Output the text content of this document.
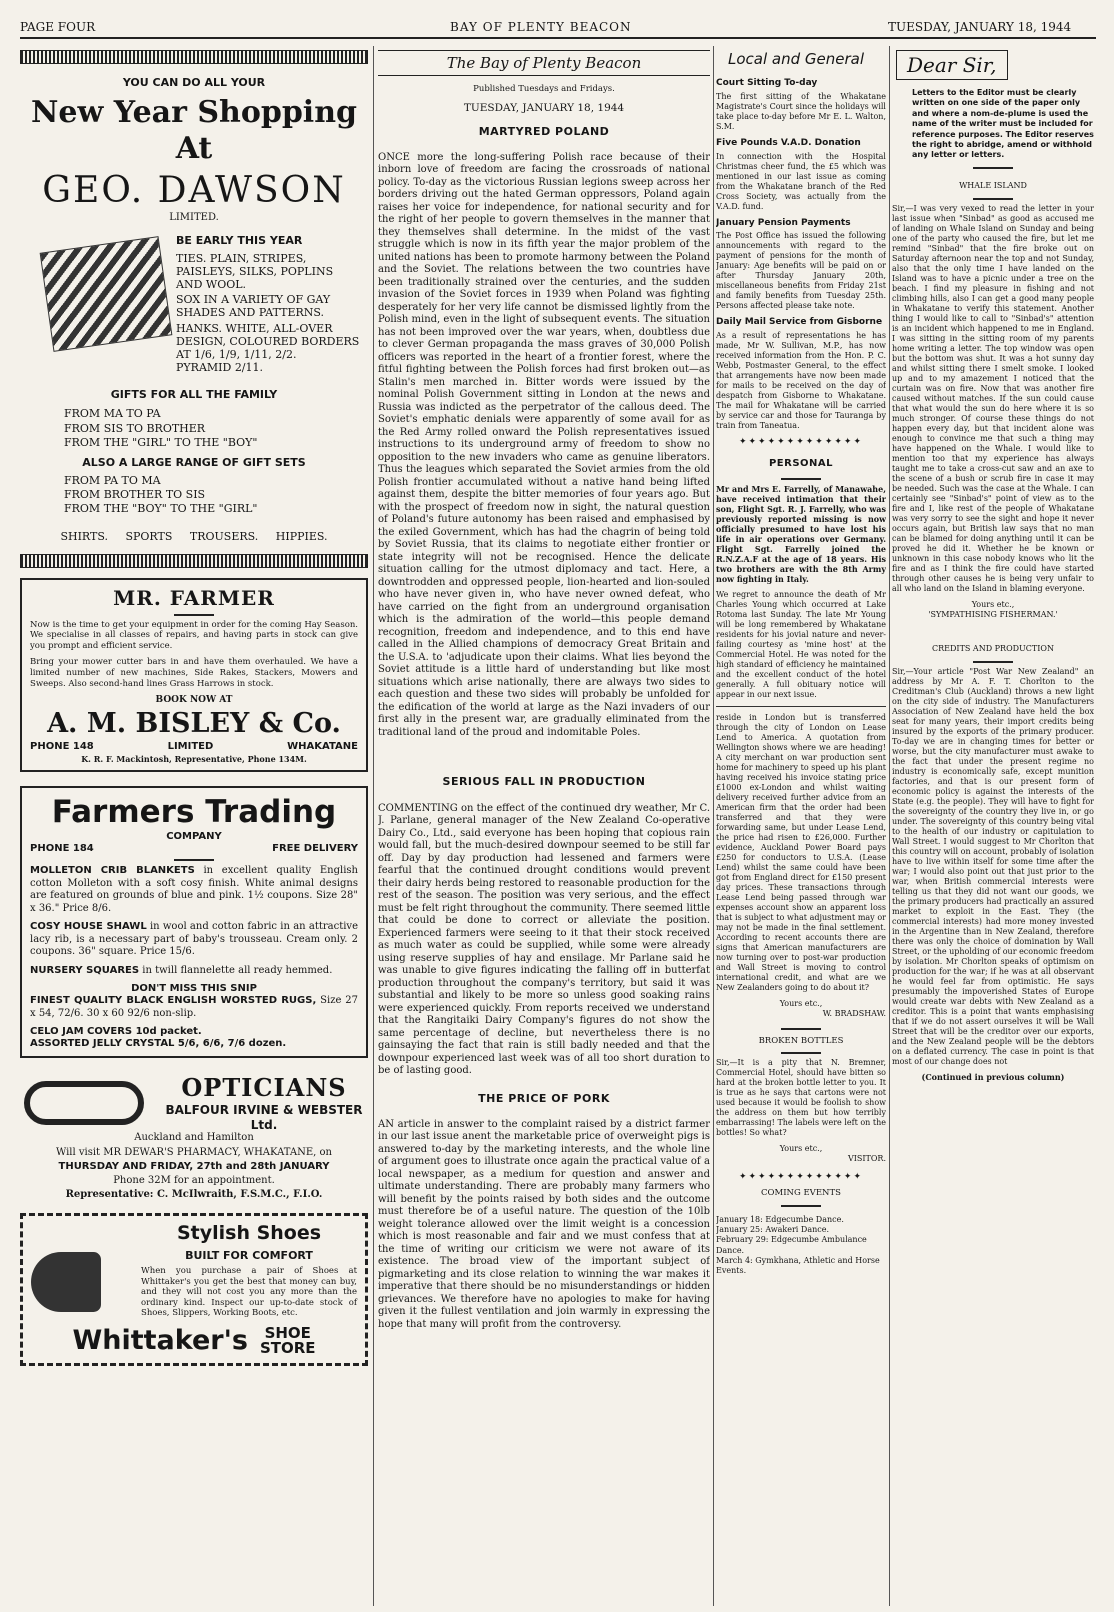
PAGE FOUR	BAY OF PLENTY BEACON	TUESDAY, JANUARY 18, 1944
YOU CAN DO ALL YOUR
New Year Shopping At
GEO. DAWSON
LIMITED.
BE EARLY THIS YEAR
TIES. PLAIN, STRIPES, PAISLEYS, SILKS, POPLINS AND WOOL.
SOX IN A VARIETY OF GAY SHADES AND PATTERNS.
HANKS. WHITE, ALL-OVER DESIGN, COLOURED BORDERS AT 1/6, 1/9, 1/11, 2/2.
PYRAMID 2/11.
GIFTS FOR ALL THE FAMILY
FROM MA TO PA
FROM SIS TO BROTHER
FROM THE "GIRL" TO THE "BOY"
ALSO A LARGE RANGE OF GIFT SETS
FROM PA TO MA
FROM BROTHER TO SIS
FROM THE "BOY" TO THE "GIRL"
SHIRTS. SPORTS TROUSERS. HIPPIES.
MR. FARMER
Now is the time to get your equipment in order for the coming Hay Season. We specialise in all classes of repairs, and having parts in stock can give you prompt and efficient service.
Bring your mower cutter bars in and have them overhauled. We have a limited number of new machines, Side Rakes, Stackers, Mowers and Sweeps. Also second-hand lines Grass Harrows in stock.
BOOK NOW AT
A. M. BISLEY & Co.
PHONE 148	LIMITED	WHAKATANE
K. R. F. Mackintosh, Representative, Phone 134M.
Farmers Trading
COMPANY
PHONE 184	FREE DELIVERY
MOLLETON CRIB BLANKETS in excellent quality English cotton Molleton with a soft cosy finish. White animal designs are featured on grounds of blue and pink. 1½ coupons. Size 28" x 36." Price 8/6.
COSY HOUSE SHAWL in wool and cotton fabric in an attractive lacy rib, is a necessary part of baby's trousseau. Cream only. 2 coupons. 36" square. Price 15/6.
NURSERY SQUARES in twill flannelette all ready hemmed.
DON'T MISS THIS SNIP
FINEST QUALITY BLACK ENGLISH WORSTED RUGS, Size 27 x 54, 72/6. 30 x 60 92/6 non-slip.
CELO JAM COVERS 10d packet.
ASSORTED JELLY CRYSTAL 5/6, 6/6, 7/6 dozen.
OPTICIANS
BALFOUR IRVINE & WEBSTER Ltd.
Auckland and Hamilton
Will visit MR DEWAR'S PHARMACY, WHAKATANE, on
THURSDAY AND FRIDAY, 27th and 28th JANUARY
Phone 32M for an appointment.
Representative: C. McIlwraith, F.S.M.C., F.I.O.
Stylish Shoes
BUILT FOR COMFORT
When you purchase a pair of Shoes at Whittaker's you get the best that money can buy, and they will not cost you any more than the ordinary kind. Inspect our up-to-date stock of Shoes, Slippers, Working Boots, etc.
Whittaker's	SHOE
STORE
The Bay of Plenty Beacon
Published Tuesdays and Fridays.
TUESDAY, JANUARY 18, 1944
MARTYRED POLAND
ONCE more the long-suffering Polish race because of their inborn love of freedom are facing the crossroads of national policy. To-day as the victorious Russian legions sweep across her borders driving out the hated German oppressors, Poland again raises her voice for independence, for national security and for the right of her people to govern themselves in the manner that they themselves shall determine. In the midst of the vast struggle which is now in its fifth year the major problem of the united nations has been to promote harmony between the Poland and the Soviet. The relations between the two countries have been traditionally strained over the centuries, and the sudden invasion of the Soviet forces in 1939 when Poland was fighting desperately for her very life cannot be dismissed lightly from the Polish mind, even in the light of subsequent events. The situation has not been improved over the war years, when, doubtless due to clever German propaganda the mass graves of 30,000 Polish officers was reported in the heart of a frontier forest, where the fitful fighting between the Polish forces had first broken out—as Stalin's men marched in. Bitter words were issued by the nominal Polish Government sitting in London at the news and Russia was indicted as the perpetrator of the callous deed. The Soviet's emphatic denials were apparently of some avail for as the Red Army rolled onward the Polish representatives issued instructions to its underground army of freedom to show no opposition to the new invaders who came as genuine liberators. Thus the leagues which separated the Soviet armies from the old Polish frontier accumulated without a native hand being lifted against them, despite the bitter memories of four years ago. But with the prospect of freedom now in sight, the natural question of Poland's future autonomy has been raised and emphasised by the exiled Government, which has had the chagrin of being told by Soviet Russia, that its claims to negotiate either frontier or state integrity will not be recognised. Hence the delicate situation calling for the utmost diplomacy and tact. Here, a downtrodden and oppressed people, lion-hearted and lion-souled who have never given in, who have never owned defeat, who have carried on the fight from an underground organisation which is the admiration of the world—this people demand recognition, freedom and independence, and to this end have called in the Allied champions of democracy Great Britain and the U.S.A. to 'adjudicate upon their claims. What lies beyond the Soviet attitude is a little hard of understanding but like most situations which arise nationally, there are always two sides to each question and these two sides will probably be unfolded for the edification of the world at large as the Nazi invaders of our first ally in the present war, are gradually eliminated from the traditional land of the proud and indomitable Poles.
SERIOUS FALL IN PRODUCTION
COMMENTING on the effect of the continued dry weather, Mr C. J. Parlane, general manager of the New Zealand Co-operative Dairy Co., Ltd., said everyone has been hoping that copious rain would fall, but the much-desired downpour seemed to be still far off. Day by day production had lessened and farmers were fearful that the continued drought conditions would prevent their dairy herds being restored to reasonable production for the rest of the season. The position was very serious, and the effect must be felt right throughout the community. There seemed little that could be done to correct or alleviate the position. Experienced farmers were seeing to it that their stock received as much water as could be supplied, while some were already using reserve supplies of hay and ensilage. Mr Parlane said he was unable to give figures indicating the falling off in butterfat production throughout the company's territory, but said it was substantial and likely to be more so unless good soaking rains were experienced quickly. From reports received we understand that the Rangitaiki Dairy Company's figures do not show the same percentage of decline, but nevertheless there is no gainsaying the fact that rain is still badly needed and that the downpour experienced last week was of all too short duration to be of lasting good.
THE PRICE OF PORK
AN article in answer to the complaint raised by a district farmer in our last issue anent the marketable price of overweight pigs is answered to-day by the marketing interests, and the whole line of argument goes to illustrate once again the practical value of a local newspaper, as a medium for question and answer and ultimate understanding. There are probably many farmers who will benefit by the points raised by both sides and the outcome must therefore be of a useful nature. The question of the 10lb weight tolerance allowed over the limit weight is a concession which is most reasonable and fair and we must confess that at the time of writing our criticism we were not aware of its existence. The broad view of the important subject of pigmarketing and its close relation to winning the war makes it imperative that there should be no misunderstandings or hidden grievances. We therefore have no apologies to make for having given it the fullest ventilation and join warmly in expressing the hope that many will profit from the controversy.
Local and General
Court Sitting To-day
The first sitting of the Whakatane Magistrate's Court since the holidays will take place to-day before Mr E. L. Walton, S.M.
Five Pounds V.A.D. Donation
In connection with the Hospital Christmas cheer fund, the £5 which was mentioned in our last issue as coming from the Whakatane branch of the Red Cross Society, was actually from the V.A.D. fund.
January Pension Payments
The Post Office has issued the following announcements with regard to the payment of pensions for the month of January: Age benefits will be paid on or after Thursday January 20th, miscellaneous benefits from Friday 21st and family benefits from Tuesday 25th. Persons affected please take note.
Daily Mail Service from Gisborne
As a result of representations he has made, Mr W. Sullivan, M.P., has now received information from the Hon. P. C. Webb, Postmaster General, to the effect that arrangements have now been made for mails to be received on the day of despatch from Gisborne to Whakatane. The mail for Whakatane will be carried by service car and those for Tauranga by train from Taneatua.
✦✦✦✦✦✦✦✦✦✦✦✦✦
PERSONAL
Mr and Mrs E. Farrelly, of Manawahe, have received intimation that their son, Flight Sgt. R. J. Farrelly, who was previously reported missing is now officially presumed to have lost his life in air operations over Germany. Flight Sgt. Farrelly joined the R.N.Z.A.F at the age of 18 years. His two brothers are with the 8th Army now fighting in Italy.
We regret to announce the death of Mr Charles Young which occurred at Lake Rotoma last Sunday. The late Mr Young will be long remembered by Whakatane residents for his jovial nature and never-failing courtesy as 'mine host' at the Commercial Hotel. He was noted for the high standard of efficiency he maintained and the excellent conduct of the hotel generally. A full obituary notice will appear in our next issue.
reside in London but is transferred through the city of London on Lease Lend to America. A quotation from Wellington shows where we are heading! A city merchant on war production sent home for machinery to speed up his plant having received his invoice stating price £1000 ex-London and whilst waiting delivery received further advice from an American firm that the order had been transferred and that they were forwarding same, but under Lease Lend, the price had risen to £26,000. Further evidence, Auckland Power Board pays £250 for conductors to U.S.A. (Lease Lend) whilst the same could have been got from England direct for £150 present day prices. These transactions through Lease Lend being passed through war expenses account show an apparent loss that is subject to what adjustment may or may not be made in the final settlement. According to recent accounts there are signs that American manufacturers are now turning over to post-war production and Wall Street is moving to control international credit, and what are we New Zealanders going to do about it?
Yours etc.,
W. BRADSHAW.
BROKEN BOTTLES
Sir,—It is a pity that N. Bremner, Commercial Hotel, should have bitten so hard at the broken bottle letter to you. It is true as he says that cartons were not used because it would be foolish to show the address on them but how terribly embarrassing! The labels were left on the bottles! So what?
Yours etc.,
VISITOR.
✦✦✦✦✦✦✦✦✦✦✦✦✦
COMING EVENTS
January 18: Edgecumbe Dance.
January 25: Awakeri Dance.
February 29: Edgecumbe Ambulance Dance.
March 4: Gymkhana, Athletic and Horse Events.
Dear Sir,
Letters to the Editor must be clearly written on one side of the paper only and where a nom-de-plume is used the name of the writer must be included for reference purposes. The Editor reserves the right to abridge, amend or withhold any letter or letters.
WHALE ISLAND
Sir,—I was very vexed to read the letter in your last issue when "Sinbad" as good as accused me of landing on Whale Island on Sunday and being one of the party who caused the fire, but let me remind "Sinbad" that the fire broke out on Saturday afternoon near the top and not Sunday, also that the only time I have landed on the Island was to have a picnic under a tree on the beach. I find my pleasure in fishing and not climbing hills, also I can get a good many people in Whakatane to verify this statement. Another thing I would like to call to "Sinbad's" attention is an incident which happened to me in England. I was sitting in the sitting room of my parents home writing a letter. The top window was open but the bottom was shut. It was a hot sunny day and whilst sitting there I smelt smoke. I looked up and to my amazement I noticed that the curtain was on fire. Now that was another fire caused without matches. If the sun could cause that what would the sun do here where it is so much stronger. Of course these things do not happen every day, but that incident alone was enough to convince me that such a thing may have happened on the Whale. I would like to mention too that my experience has always taught me to take a cross-cut saw and an axe to the scene of a bush or scrub fire in case it may be needed. Such was the case at the Whale. I can certainly see "Sinbad's" point of view as to the fire and I, like rest of the people of Whakatane was very sorry to see the sight and hope it never occurs again, but British law says that no man can be blamed for doing anything until it can be proved he did it. Whether he be known or unknown in this case nobody knows who lit the fire and as I think the fire could have started through other causes he is being very unfair to all who land on the Island in blaming everyone.
Yours etc.,
'SYMPATHISING FISHERMAN.'
CREDITS AND PRODUCTION
Sir,—Your article "Post War New Zealand" an address by Mr A. F. T. Chorlton to the Creditman's Club (Auckland) throws a new light on the city side of industry. The Manufacturers Association of New Zealand have held the box seat for many years, their import credits being insured by the exports of the primary producer. To-day we are in changing times for better or worse, but the city manufacturer must awake to the fact that under the present regime no industry is economically safe, except munition factories, and that is our present form of economic policy is against the interests of the State (e.g. the people). They will have to fight for the sovereignty of the country they live in, or go under. The sovereignty of this country being vital to the health of our industry or capitulation to Wall Street. I would suggest to Mr Chorlton that this country will on account, probably of isolation have to live within itself for some time after the war; I would also point out that just prior to the war, when British commercial interests were telling us that they did not want our goods, we the primary producers had practically an assured market to exploit in the East. They (the commercial interests) had more money invested in the Argentine than in New Zealand, therefore there was only the choice of domination by Wall Street, or the upholding of our economic freedom by isolation. Mr Chorlton speaks of optimism on production for the war; if he was at all observant he would feel far from optimistic. He says presumably the impoverished States of Europe would create war debts with New Zealand as a creditor. This is a point that wants emphasising that if we do not assert ourselves it will be Wall Street that will be the creditor over our exports, and the New Zealand people will be the debtors on a deflated currency. The case in point is that most of our change does not
(Continued in previous column)
